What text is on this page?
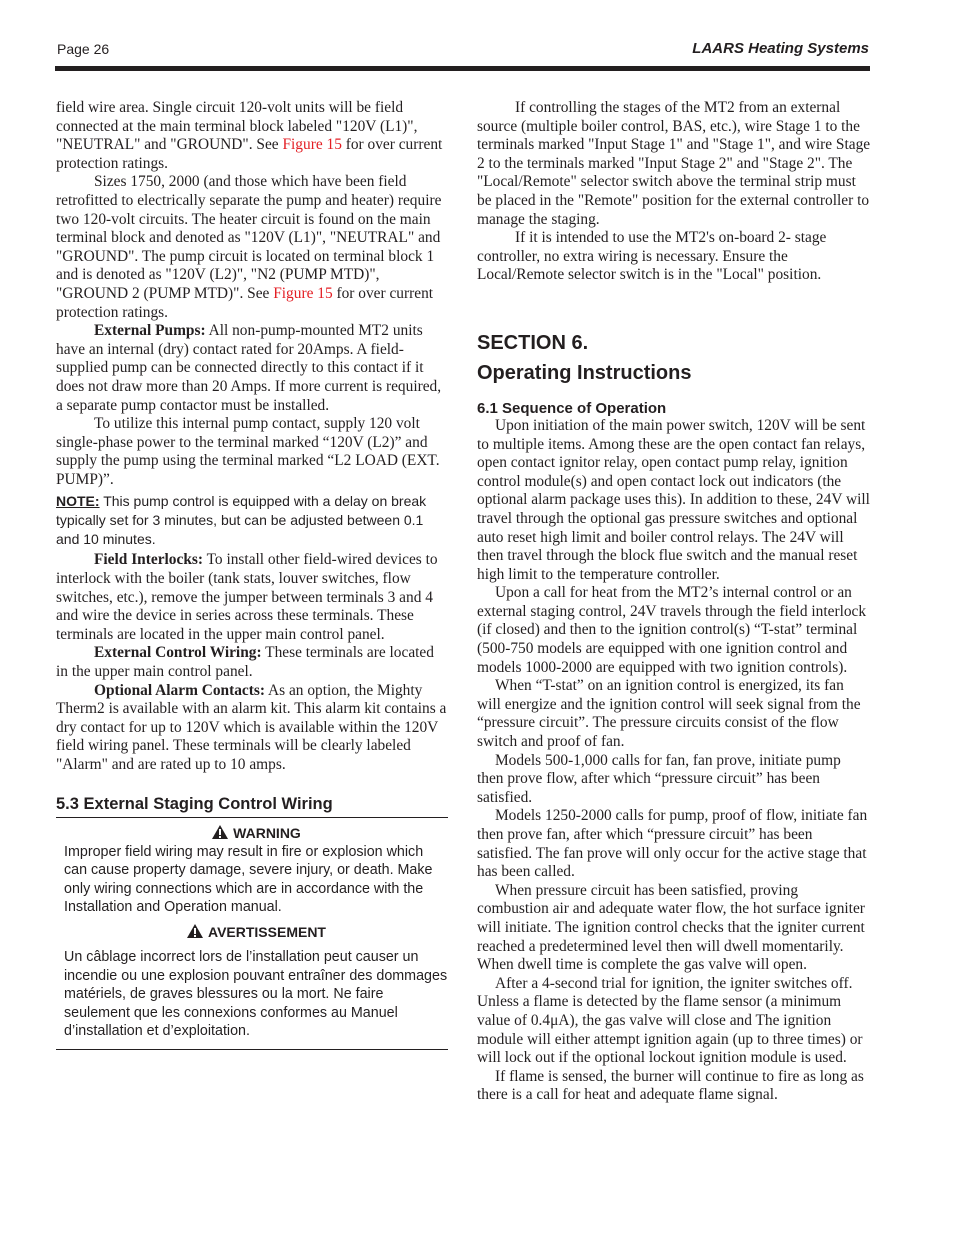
Page 26	LAARS Heating Systems

field wire area. Single circuit 120-volt units will be field connected at the main terminal block labeled "120V (L1)", "NEUTRAL" and "GROUND". See Figure 15 for over current protection ratings.

Sizes 1750, 2000 (and those which have been field retrofitted to electrically separate the pump and heater) require two 120-volt circuits. The heater circuit is found on the main terminal block and denoted as "120V (L1)", "NEUTRAL" and "GROUND". The pump circuit is located on terminal block 1 and is denoted as "120V (L2)", "N2 (PUMP MTD)", "GROUND 2 (PUMP MTD)". See Figure 15 for over current protection ratings.

External Pumps: All non-pump-mounted MT2 units have an internal (dry) contact rated for 20Amps. A field-supplied pump can be connected directly to this contact if it does not draw more than 20 Amps. If more current is required, a separate pump contactor must be installed.

To utilize this internal pump contact, supply 120 volt single-phase power to the terminal marked “120V (L2)” and supply the pump using the terminal marked “L2 LOAD (EXT. PUMP)”.

NOTE: This pump control is equipped with a delay on break typically set for 3 minutes, but can be adjusted between 0.1 and 10 minutes.

Field Interlocks: To install other field-wired devices to interlock with the boiler (tank stats, louver switches, flow switches, etc.), remove the jumper between terminals 3 and 4 and wire the device in series across these terminals. These terminals are located in the upper main control panel.

External Control Wiring: These terminals are located in the upper main control panel.

Optional Alarm Contacts: As an option, the Mighty Therm2 is available with an alarm kit. This alarm kit contains a dry contact for up to 120V which is available within the 120V field wiring panel. These terminals will be clearly labeled "Alarm" and are rated up to 10 amps.

5.3 External Staging Control Wiring
WARNING
Improper field wiring may result in fire or explosion which can cause property damage, severe injury, or death. Make only wiring connections which are in accordance with the Installation and Operation manual.
AVERTISSEMENT
Un câblage incorrect lors de l’installation peut causer un incendie ou une explosion pouvant entraîner des dommages matériels, de graves blessures ou la mort. Ne faire seulement que les connexions conformes au Manuel d’installation et d’exploitation.

If controlling the stages of the MT2 from an external source (multiple boiler control, BAS, etc.), wire Stage 1 to the terminals marked "Input Stage 1" and "Stage 1", and wire Stage 2 to the terminals marked "Input Stage 2" and "Stage 2". The "Local/Remote" selector switch above the terminal strip must be placed in the "Remote" position for the external controller to manage the staging.

If it is intended to use the MT2's on-board 2- stage controller, no extra wiring is necessary. Ensure the Local/Remote selector switch is in the "Local" position.

SECTION 6.
Operating Instructions
6.1 Sequence of Operation

Upon initiation of the main power switch, 120V will be sent to multiple items. Among these are the open contact fan relays, open contact ignitor relay, open contact pump relay, ignition control module(s) and open contact lock out indicators (the optional alarm package uses this). In addition to these, 24V will travel through the optional gas pressure switches and optional auto reset high limit and boiler control relays. The 24V will then travel through the block flue switch and the manual reset high limit to the temperature controller.

Upon a call for heat from the MT2’s internal control or an external staging control, 24V travels through the field interlock (if closed) and then to the ignition control(s) “T-stat” terminal (500-750 models are equipped with one ignition control and models 1000-2000 are equipped with two ignition controls).

When “T-stat” on an ignition control is energized, its fan will energize and the ignition control will seek signal from the “pressure circuit”. The pressure circuits consist of the flow switch and proof of fan.

Models 500-1,000 calls for fan, fan prove, initiate pump then prove flow, after which “pressure circuit” has been satisfied.

Models 1250-2000 calls for pump, proof of flow, initiate fan then prove fan, after which “pressure circuit” has been satisfied. The fan prove will only occur for the active stage that has been called.

When pressure circuit has been satisfied, proving combustion air and adequate water flow, the hot surface igniter will initiate. The ignition control checks that the igniter current reached a predetermined level then will dwell momentarily. When dwell time is complete the gas valve will open.

After a 4-second trial for ignition, the igniter switches off. Unless a flame is detected by the flame sensor (a minimum value of 0.4μA), the gas valve will close and The ignition module will either attempt ignition again (up to three times) or will lock out if the optional lockout ignition module is used.

If flame is sensed, the burner will continue to fire as long as there is a call for heat and adequate flame signal.
